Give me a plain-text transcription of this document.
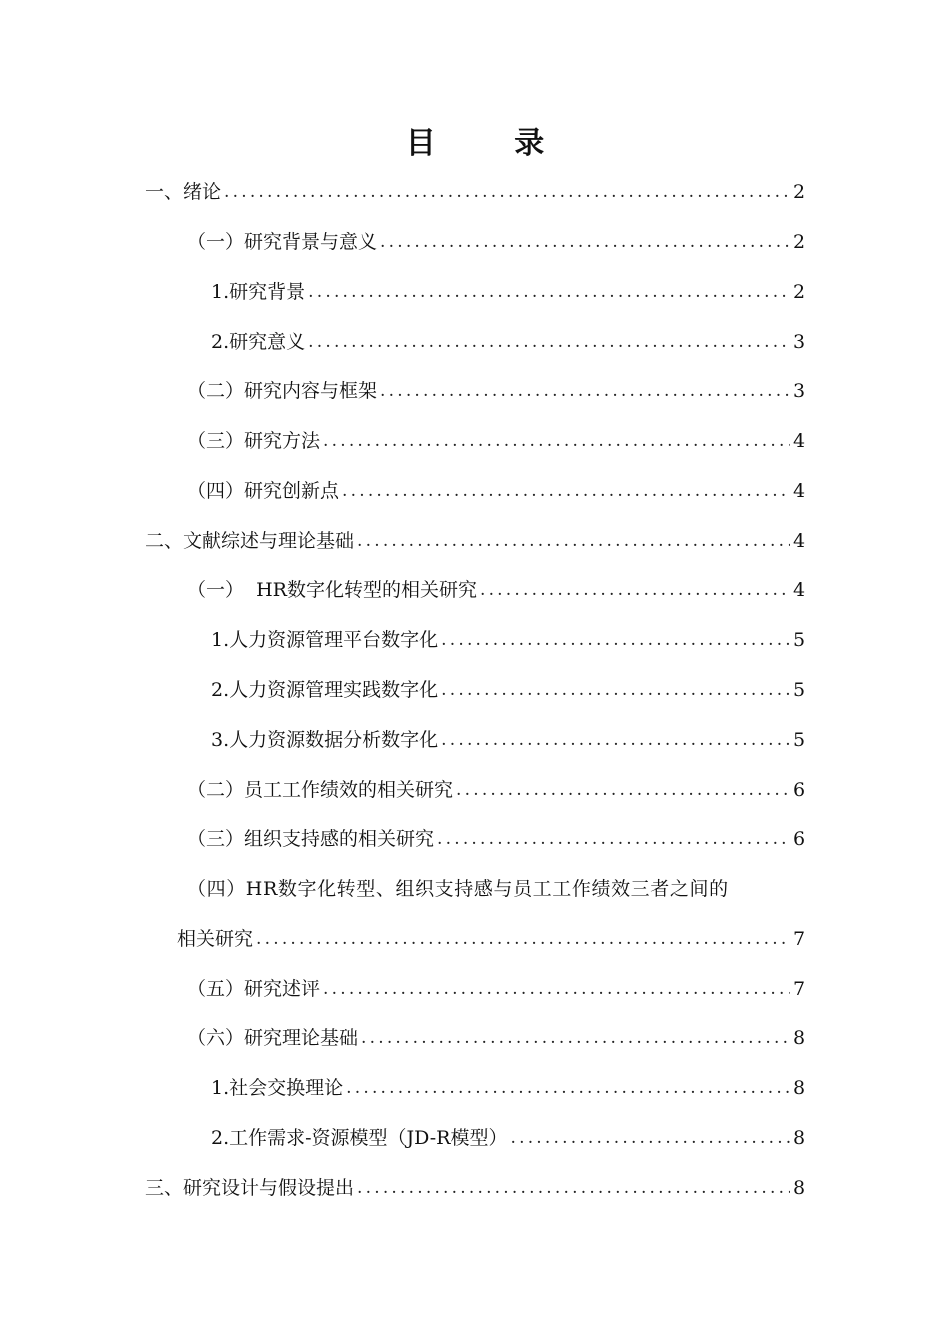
目 录
一、绪论 .....	2
（一）研究背景与意义 .....	2
1.研究背景 .....	2
2.研究意义 .....	3
（二）研究内容与框架 .....	3
（三）研究方法 .....	4
（四）研究创新点 .....	4
二、文献综述与理论基础 .....	4
（一）  HR数字化转型的相关研究 .....	4
1.人力资源管理平台数字化 .....	5
2.人力资源管理实践数字化 .....	5
3.人力资源数据分析数字化 .....	5
（二）员工工作绩效的相关研究 .....	6
（三）组织支持感的相关研究 .....	6
（四）HR数字化转型、组织支持感与员工工作绩效三者之间的
相关研究 .....	7
（五）研究述评 .....	7
（六）研究理论基础 .....	8
1.社会交换理论 .....	8
2.工作需求-资源模型（JD-R模型） .....	8
三、研究设计与假设提出 .....	8
